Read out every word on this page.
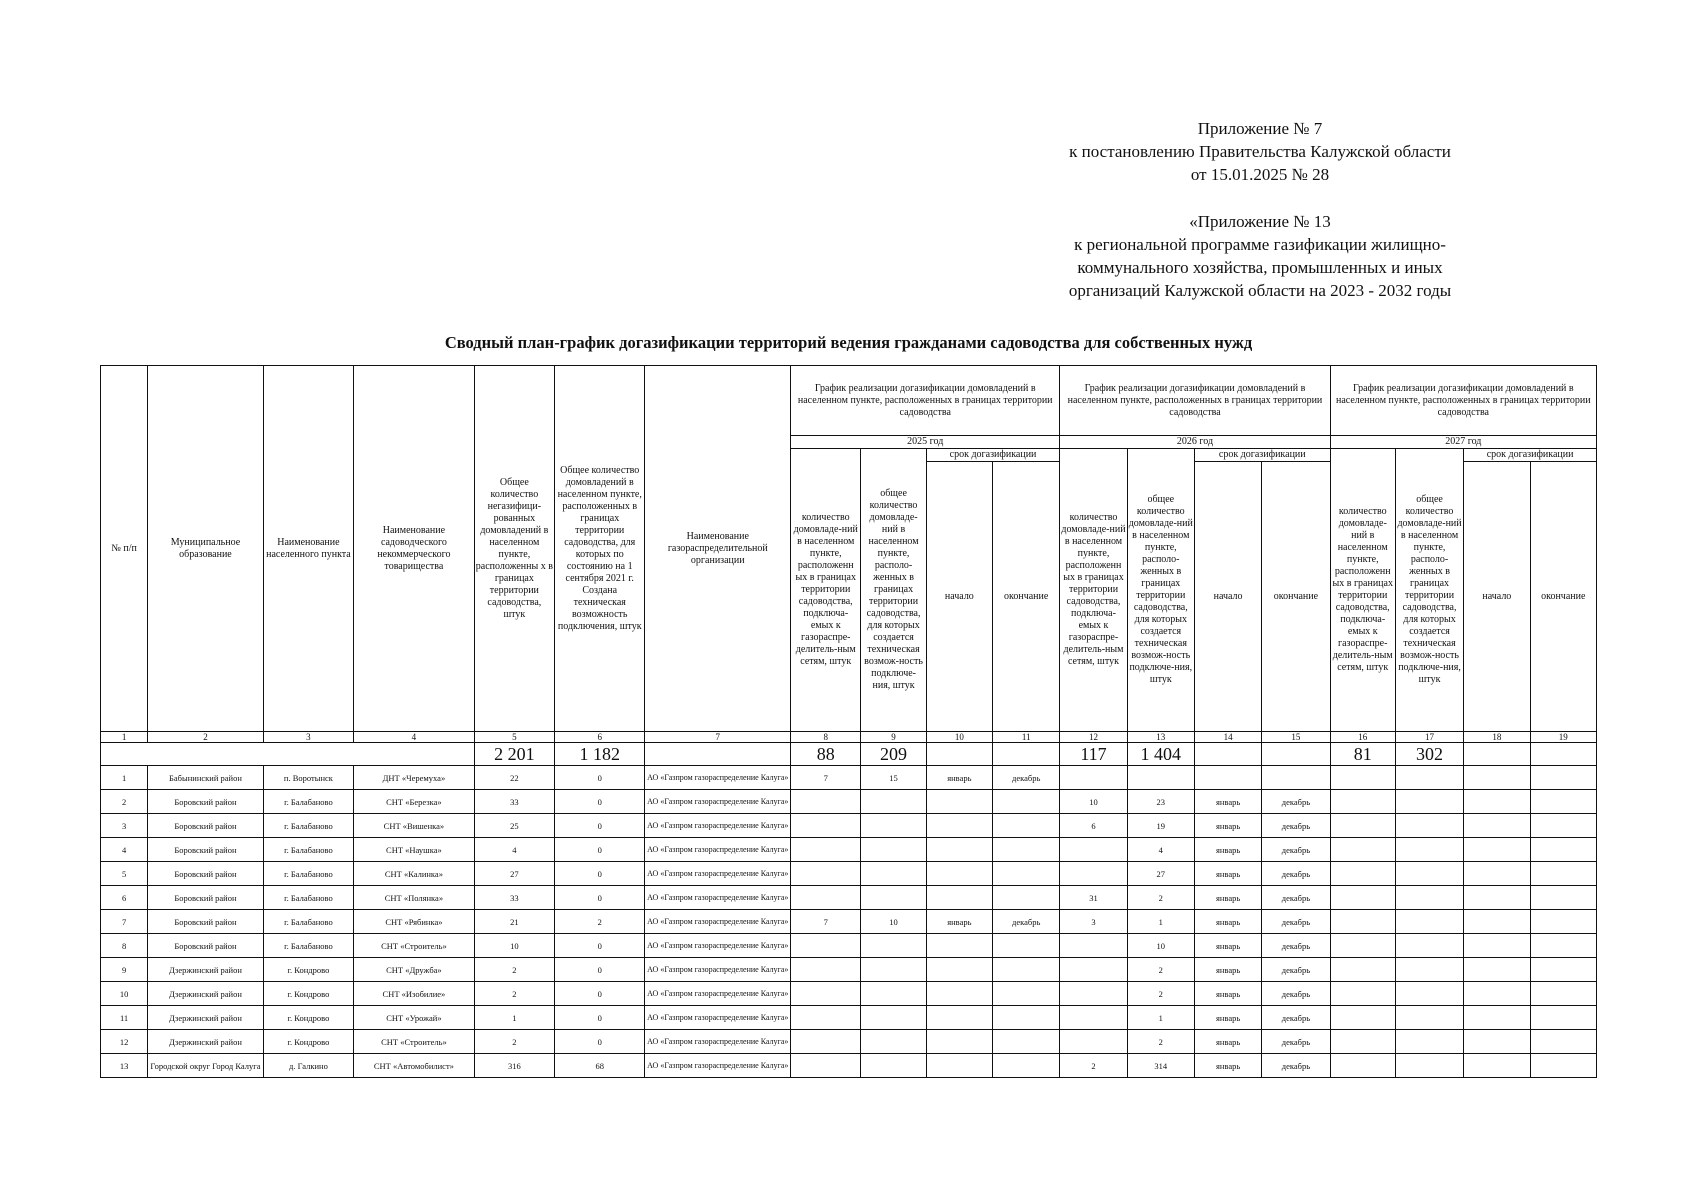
Приложение № 7
к постановлению Правительства Калужской области
от 15.01.2025 № 28
«Приложение № 13
к региональной программе газификации жилищно-
коммунального хозяйства, промышленных и иных
организаций Калужской области на 2023 - 2032 годы
Сводный план-график догазификации территорий ведения гражданами садоводства для собственных нужд
№ п/п	Муниципальное образование	Наименование населенного пункта	Наименование садоводческого некоммерческого товарищества	Общее количество негазифици-рованных домовладений в населенном пункте, расположенны х в границах территории садоводства, штук	Общее количество домовладений в населенном пункте, расположенных в границах территории садоводства, для которых по состоянию на 1 сентября 2021 г. Создана техническая возможность подключения, штук	Наименование газораспределительной организации	График реализации догазификации домовладений в населенном пункте, расположенных в границах территории садоводства				График реализации догазификации домовладений в населенном пункте, расположенных в границах территории садоводства				График реализации догазификации домовладений в населенном пункте, расположенных в границах территории садоводства			
							2025 год				2026 год				2027 год			
							количество домовладе-ний в населенном пункте, расположенн ых в границах территории садоводства, подключа-емых к газораспре-делитель-ным сетям, штук	общее количество домовладе-ний в населенном пункте, располо-женных в границах территории садоводства, для которых создается техническая возмож-ность подключе-ния, штук	срок догазификации		количество домовладе-ний в населенном пункте, расположенн ых в границах территории садоводства, подключа-емых к газораспре-делитель-ным сетям, штук	общее количество домовладе-ний в населенном пункте, располо-женных в границах территории садоводства, для которых создается техническая возмож-ность подключе-ния, штук	срок догазификации		количество домовладе-ний в населенном пункте, расположенн ых в границах территории садоводства, подключа-емых к газораспре-делитель-ным сетям, штук	общее количество домовладе-ний в населенном пункте, располо-женных в границах территории садоводства, для которых создается техническая возмож-ность подключе-ния, штук	срок догазификации	
									начало	окончание			начало	окончание			начало	окончание
1	2	3	4	5	6	7	8	9	10	11	12	13	14	15	16	17	18	19
				2 201	1 182		88	209			117	1 404			81	302		
1	Бабынинский район	п. Воротынск	ДНТ «Черемуха»	22	0	АО «Газпром газораспределение Калуга»	7	15	январь	декабрь								
2	Боровский район	г. Балабаново	СНТ «Березка»	33	0	АО «Газпром газораспределение Калуга»					10	23	январь	декабрь				
3	Боровский район	г. Балабаново	СНТ «Вишенка»	25	0	АО «Газпром газораспределение Калуга»					6	19	январь	декабрь				
4	Боровский район	г. Балабаново	СНТ «Наушка»	4	0	АО «Газпром газораспределение Калуга»						4	январь	декабрь				
5	Боровский район	г. Балабаново	СНТ «Калинка»	27	0	АО «Газпром газораспределение Калуга»						27	январь	декабрь				
6	Боровский район	г. Балабаново	СНТ «Полянка»	33	0	АО «Газпром газораспределение Калуга»					31	2	январь	декабрь				
7	Боровский район	г. Балабаново	СНТ «Рябинка»	21	2	АО «Газпром газораспределение Калуга»	7	10	январь	декабрь	3	1	январь	декабрь				
8	Боровский район	г. Балабаново	СНТ «Строитель»	10	0	АО «Газпром газораспределение Калуга»						10	январь	декабрь				
9	Дзержинский район	г. Кондрово	СНТ «Дружба»	2	0	АО «Газпром газораспределение Калуга»						2	январь	декабрь				
10	Дзержинский район	г. Кондрово	СНТ «Изобилие»	2	0	АО «Газпром газораспределение Калуга»						2	январь	декабрь				
11	Дзержинский район	г. Кондрово	СНТ «Урожай»	1	0	АО «Газпром газораспределение Калуга»						1	январь	декабрь				
12	Дзержинский район	г. Кондрово	СНТ «Строитель»	2	0	АО «Газпром газораспределение Калуга»						2	январь	декабрь				
13	Городской округ Город Калуга	д. Галкино	СНТ «Автомобилист»	316	68	АО «Газпром газораспределение Калуга»					2	314	январь	декабрь				
